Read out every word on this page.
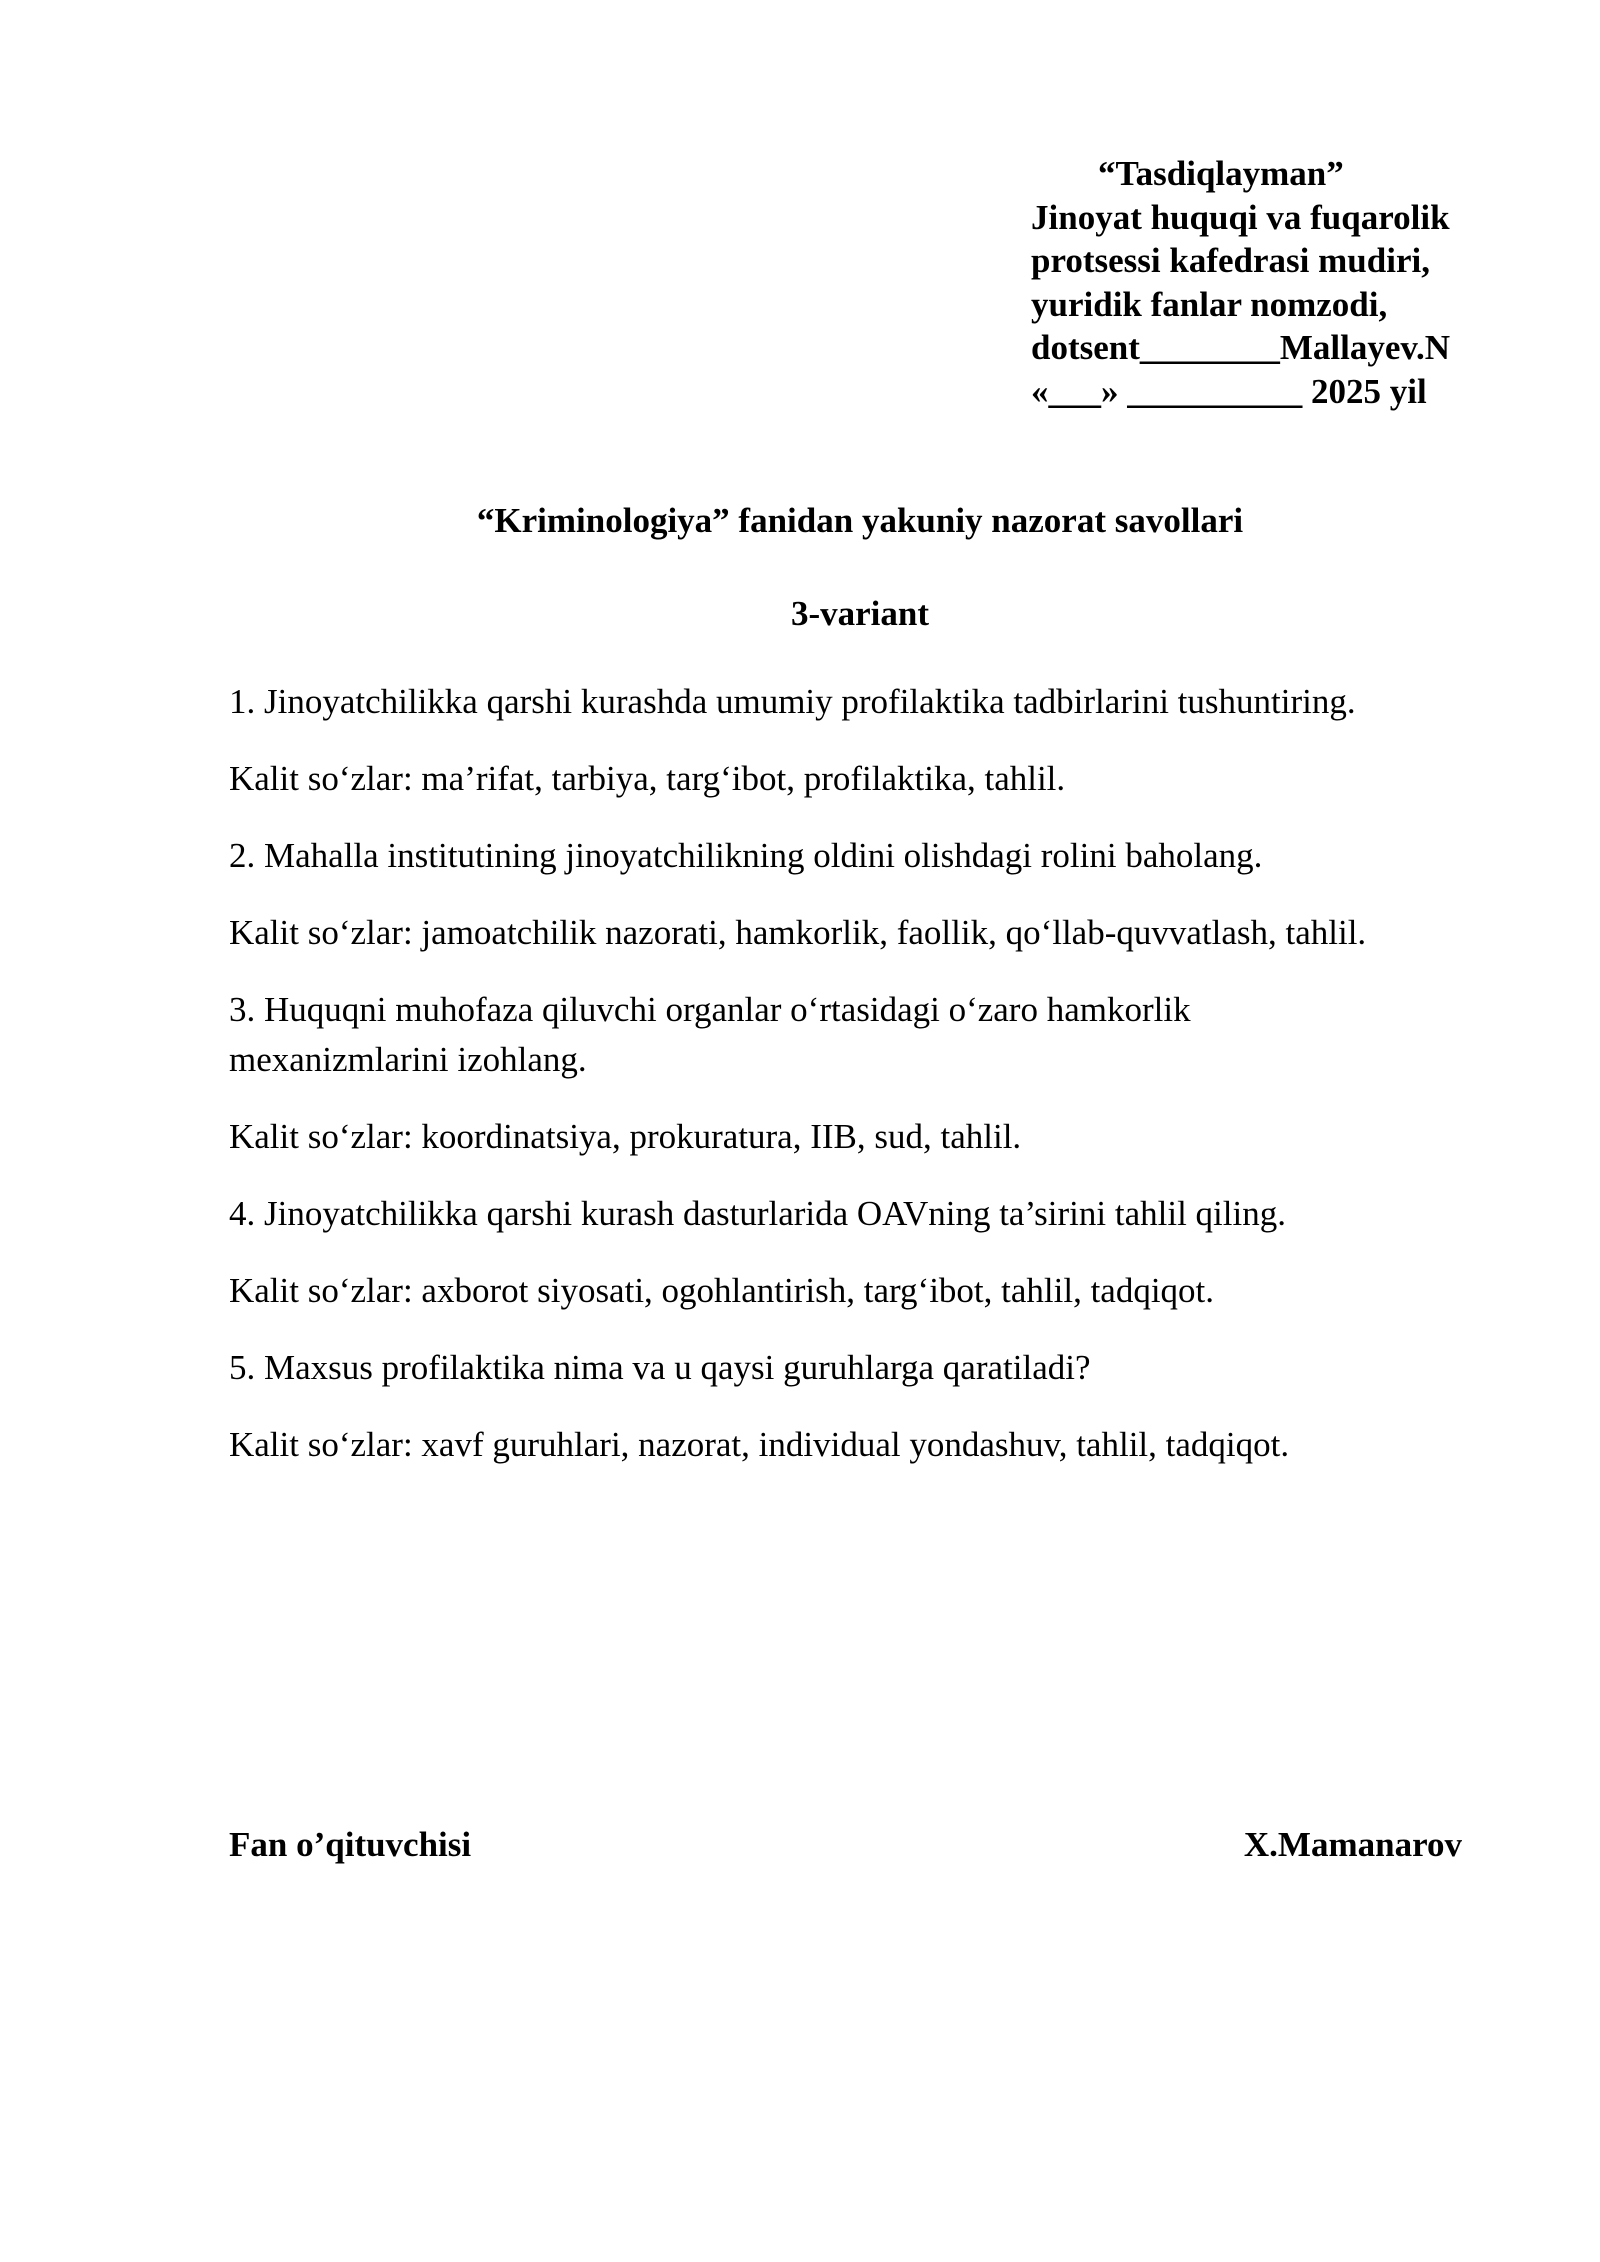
“Tasdiqlayman”
Jinoyat huquqi va fuqarolik
protsessi kafedrasi mudiri,
yuridik fanlar nomzodi,
dotsent________Mallayev.N
«___» __________ 2025 yil
“Kriminologiya” fanidan yakuniy nazorat savollari
3-variant

1. Jinoyatchilikka qarshi kurashda umumiy profilaktika tadbirlarini tushuntiring.

Kalit so‘zlar: ma’rifat, tarbiya, targ‘ibot, profilaktika, tahlil.

2. Mahalla institutining jinoyatchilikning oldini olishdagi rolini baholang.

Kalit so‘zlar: jamoatchilik nazorati, hamkorlik, faollik, qo‘llab-quvvatlash, tahlil.

3. Huquqni muhofaza qiluvchi organlar o‘rtasidagi o‘zaro hamkorlik mexanizmlarini izohlang.

Kalit so‘zlar: koordinatsiya, prokuratura, IIB, sud, tahlil.

4. Jinoyatchilikka qarshi kurash dasturlarida OAVning ta’sirini tahlil qiling.

Kalit so‘zlar: axborot siyosati, ogohlantirish, targ‘ibot, tahlil, tadqiqot.

5. Maxsus profilaktika nima va u qaysi guruhlarga qaratiladi?

Kalit so‘zlar: xavf guruhlari, nazorat, individual yondashuv, tahlil, tadqiqot.

Fan o’qituvchisi	X.Mamanarov
